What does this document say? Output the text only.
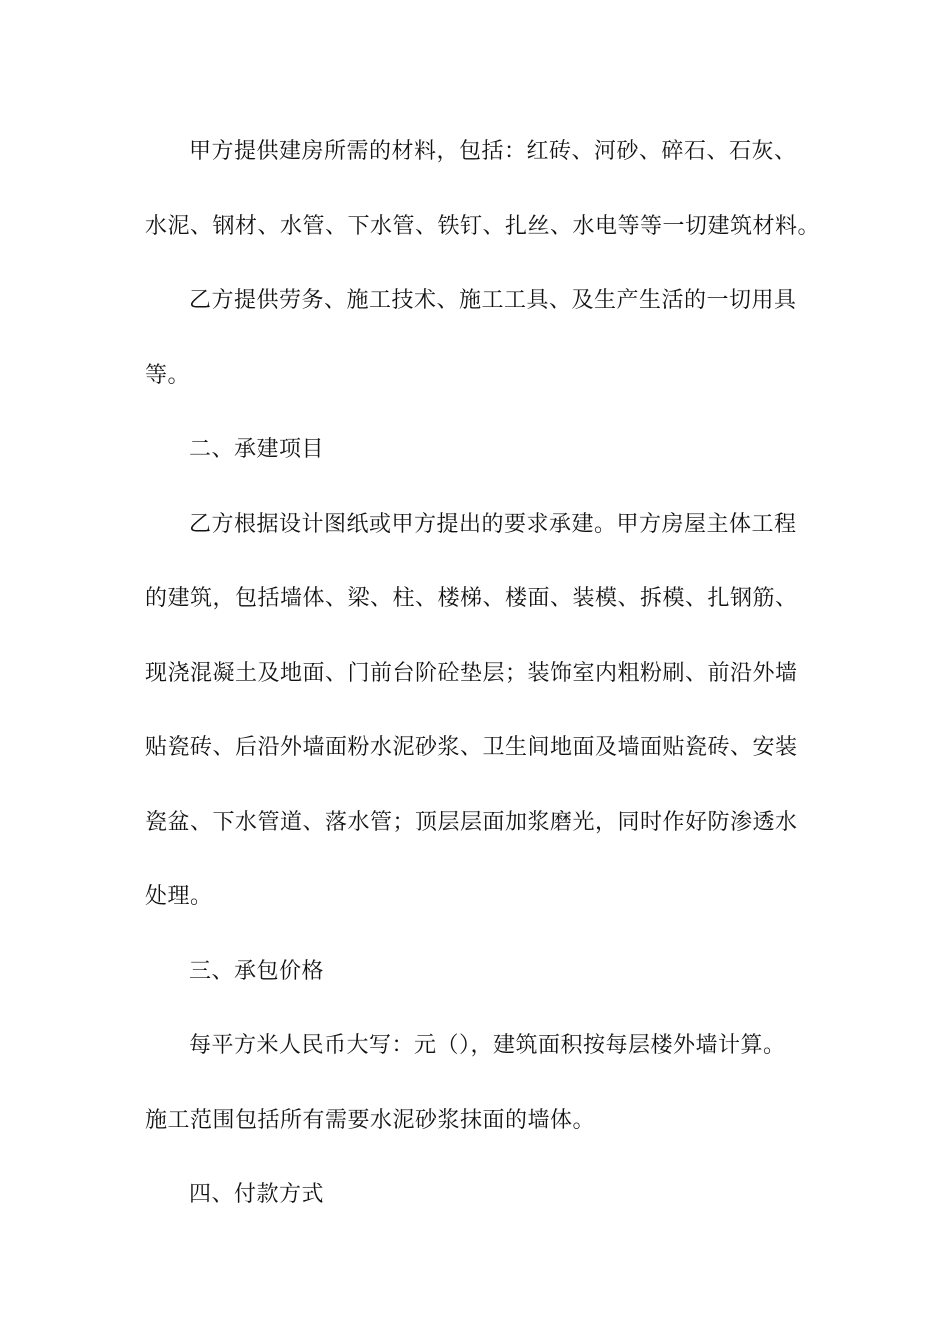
甲方提供建房所需的材料，包括：红砖、河砂、碎石、石灰、
水泥、钢材、水管、下水管、铁钉、扎丝、水电等等一切建筑材料。
乙方提供劳务、施工技术、施工工具、及生产生活的一切用具
等。
二、承建项目
乙方根据设计图纸或甲方提出的要求承建。甲方房屋主体工程
的建筑，包括墙体、梁、柱、楼梯、楼面、装模、拆模、扎钢筋、
现浇混凝土及地面、门前台阶砼垫层；装饰室内粗粉刷、前沿外墙
贴瓷砖、后沿外墙面粉水泥砂浆、卫生间地面及墙面贴瓷砖、安装
瓷盆、下水管道、落水管；顶层层面加浆磨光，同时作好防渗透水
处理。
三、承包价格
每平方米人民币大写：元（），建筑面积按每层楼外墙计算。
施工范围包括所有需要水泥砂浆抹面的墙体。
四、付款方式
